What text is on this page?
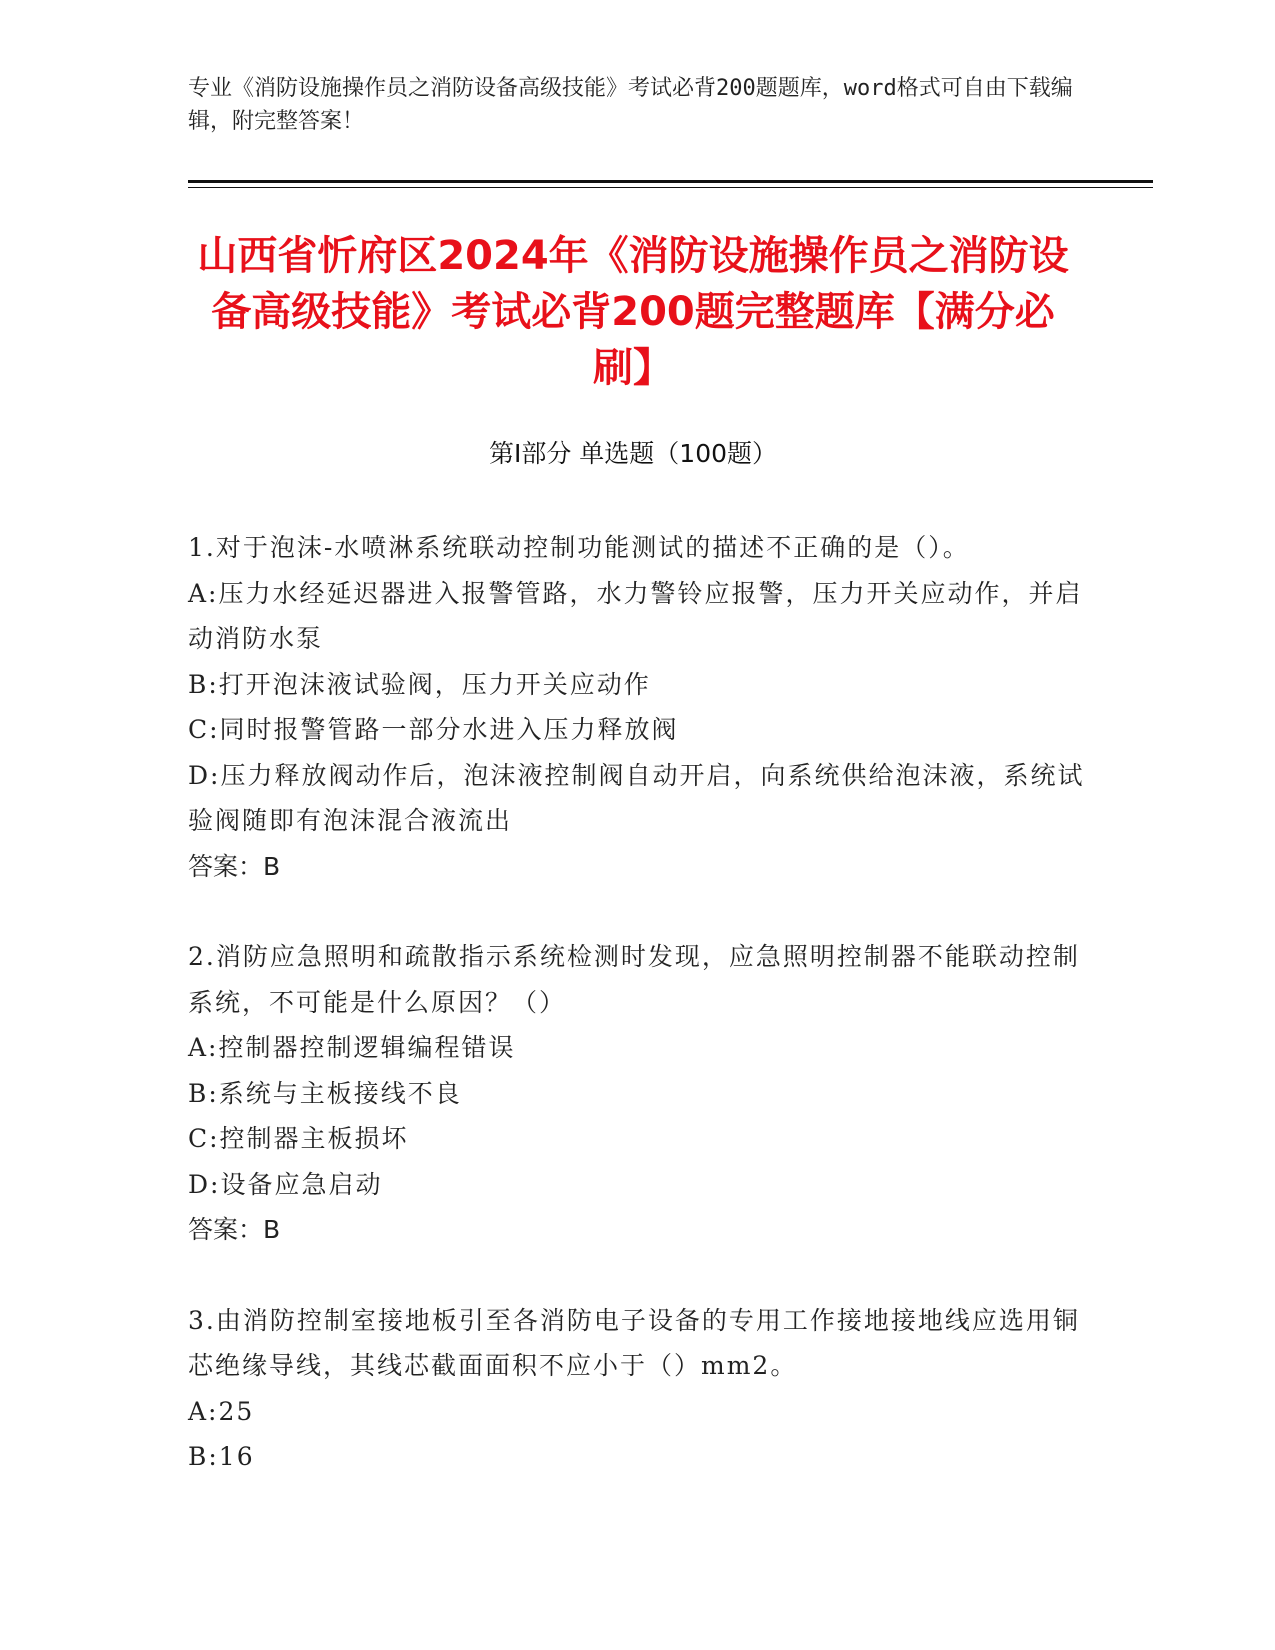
专业《消防设施操作员之消防设备高级技能》考试必背200题题库，word格式可自由下载编辑，附完整答案！
山西省忻府区2024年《消防设施操作员之消防设备高级技能》考试必背200题完整题库【满分必刷】
第I部分 单选题（100题）

1.对于泡沫-水喷淋系统联动控制功能测试的描述不正确的是（）。

A:压力水经延迟器进入报警管路，水力警铃应报警，压力开关应动作，并启动消防水泵

B:打开泡沫液试验阀，压力开关应动作

C:同时报警管路一部分水进入压力释放阀

D:压力释放阀动作后，泡沫液控制阀自动开启，向系统供给泡沫液，系统试验阀随即有泡沫混合液流出

答案：B

2.消防应急照明和疏散指示系统检测时发现，应急照明控制器不能联动控制系统，不可能是什么原因？（）

A:控制器控制逻辑编程错误

B:系统与主板接线不良

C:控制器主板损坏

D:设备应急启动

答案：B

3.由消防控制室接地板引至各消防电子设备的专用工作接地接地线应选用铜芯绝缘导线，其线芯截面面积不应小于（）mm2。

A:25

B:16
